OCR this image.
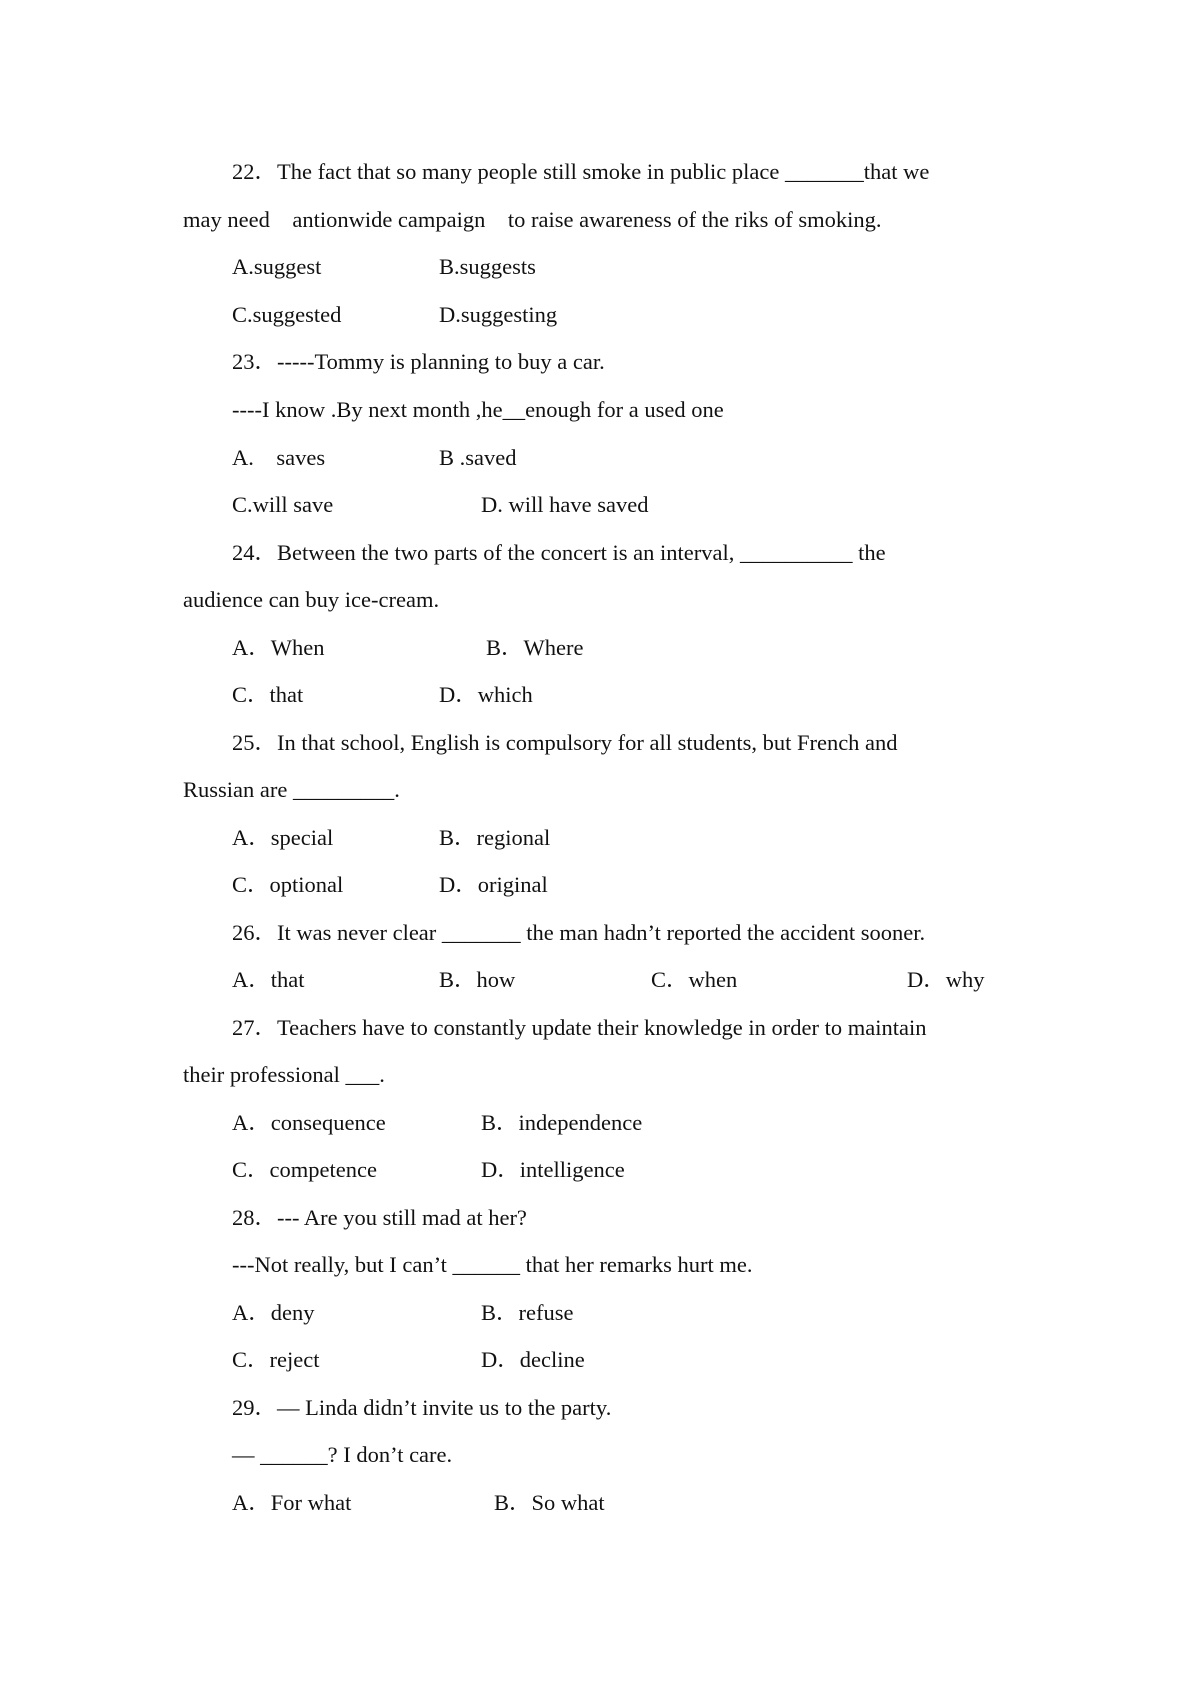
22．The fact that so many people still smoke in public place _______that we
may need    antionwide campaign    to raise awareness of the riks of smoking.
A.suggest	B.suggests
C.suggested	D.suggesting
23．-----Tommy is planning to buy a car.
----I know .By next month ,he__enough for a used one
A.    saves	B .saved
C.will save	D. will have saved
24．Between the two parts of the concert is an interval, __________ the
audience can buy ice-cream.
A．When	B．Where
C．that	D．which
25．In that school, English is compulsory for all students, but French and
Russian are _________.
A．special	B．regional
C．optional	D．original
26．It was never clear _______ the man hadn’t reported the accident sooner.
A．that	B．how	C．when	D．why
27．Teachers have to constantly update their knowledge in order to maintain
their professional ___.
A．consequence	B．independence
C．competence	D．intelligence
28．--- Are you still mad at her?
---Not really, but I can’t ______ that her remarks hurt me.
A．deny	B．refuse
C．reject	D．decline
29．— Linda didn’t invite us to the party.
— ______? I don’t care.
A．For what	B．So what
